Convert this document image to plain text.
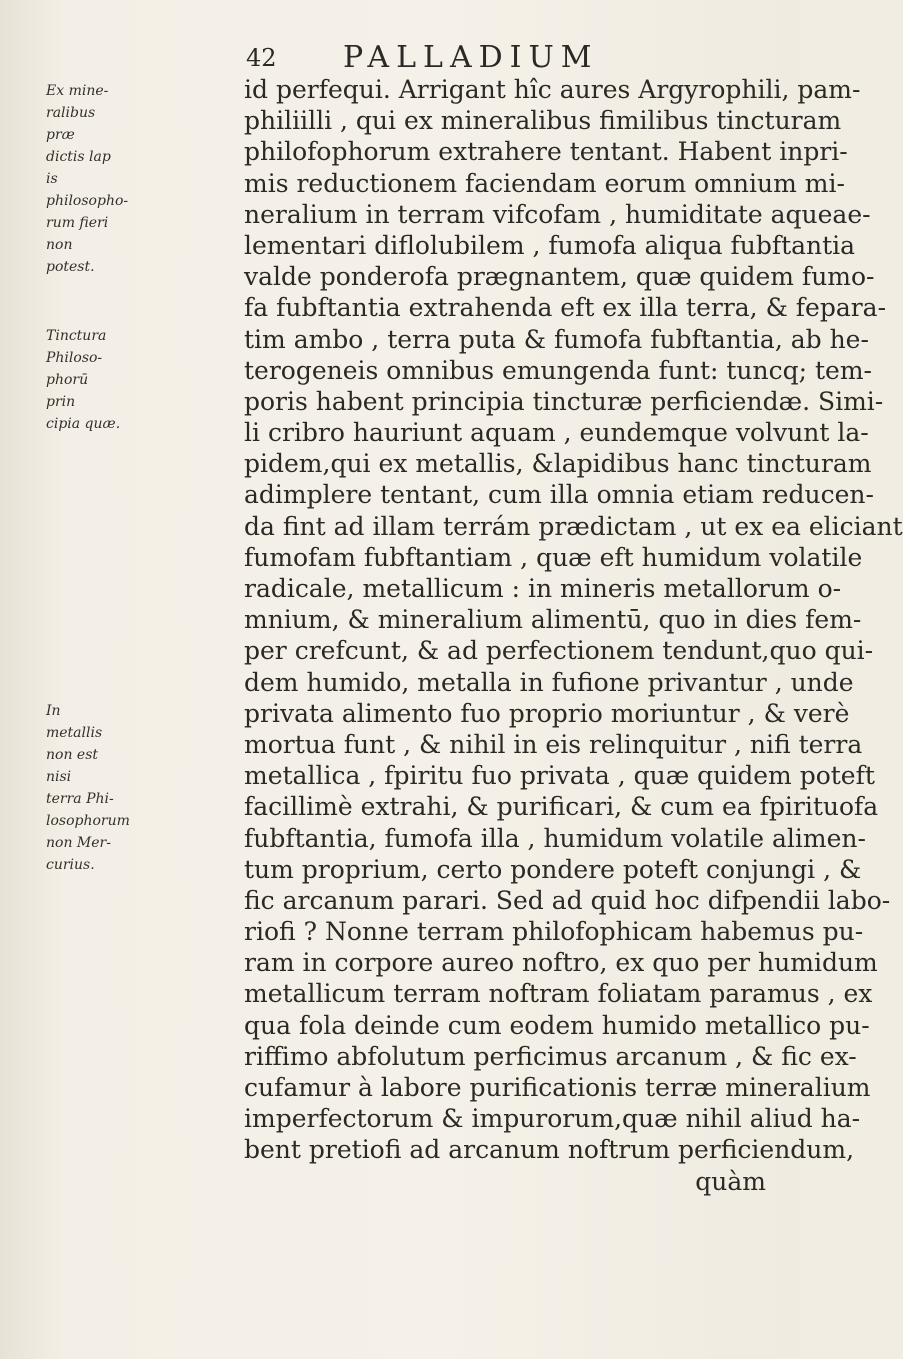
42 PALLADIUM
Ex mine-
ralibus præ
dictis lap is
philosopho-
rum fieri
non potest.
Tinctura
Philoso-
phorū prin
cipia quæ.
In metallis
non est nisi
terra Phi-
losophorum
non Mer-
curius.
id perfequi. Arrigant hîc aures Argyrophili, pam-
philiilli , qui ex mineralibus fimilibus tincturam
philofophorum extrahere tentant. Habent inpri-
mis reductionem faciendam eorum omnium mi-
neralium in terram vifcofam , humiditate aqueae-
lementari diflolubilem , fumofa aliqua fubftantia
valde ponderofa prægnantem, quæ quidem fumo-
fa fubftantia extrahenda eft ex illa terra, & fepara-
tim ambo , terra puta & fumofa fubftantia, ab he-
terogeneis omnibus emungenda funt: tuncq; tem-
poris habent principia tincturæ perficiendæ. Simi-
li cribro hauriunt aquam , eundemque volvunt la-
pidem,qui ex metallis, &lapidibus hanc tincturam
adimplere tentant, cum illa omnia etiam reducen-
da fint ad illam terrám prædictam , ut ex ea eliciant
fumofam fubftantiam , quæ eft humidum volatile
radicale, metallicum : in mineris metallorum o-
mnium, & mineralium alimentū, quo in dies fem-
per crefcunt, & ad perfectionem tendunt,quo qui-
dem humido, metalla in fufione privantur , unde
privata alimento fuo proprio moriuntur , & verè
mortua funt , & nihil in eis relinquitur , nifi terra
metallica , fpiritu fuo privata , quæ quidem poteft
facillimè extrahi, & purificari, & cum ea fpirituofa
fubftantia, fumofa illa , humidum volatile alimen-
tum proprium, certo pondere poteft conjungi , &
fic arcanum parari. Sed ad quid hoc difpendii labo-
riofi ? Nonne terram philofophicam habemus pu-
ram in corpore aureo noftro, ex quo per humidum
metallicum terram noftram foliatam paramus , ex
qua fola deinde cum eodem humido metallico pu-
riffimo abfolutum perficimus arcanum , & fic ex-
cufamur à labore purificationis terræ mineralium
imperfectorum & impurorum,quæ nihil aliud ha-
bent pretiofi ad arcanum noftrum perficiendum,
quàm
